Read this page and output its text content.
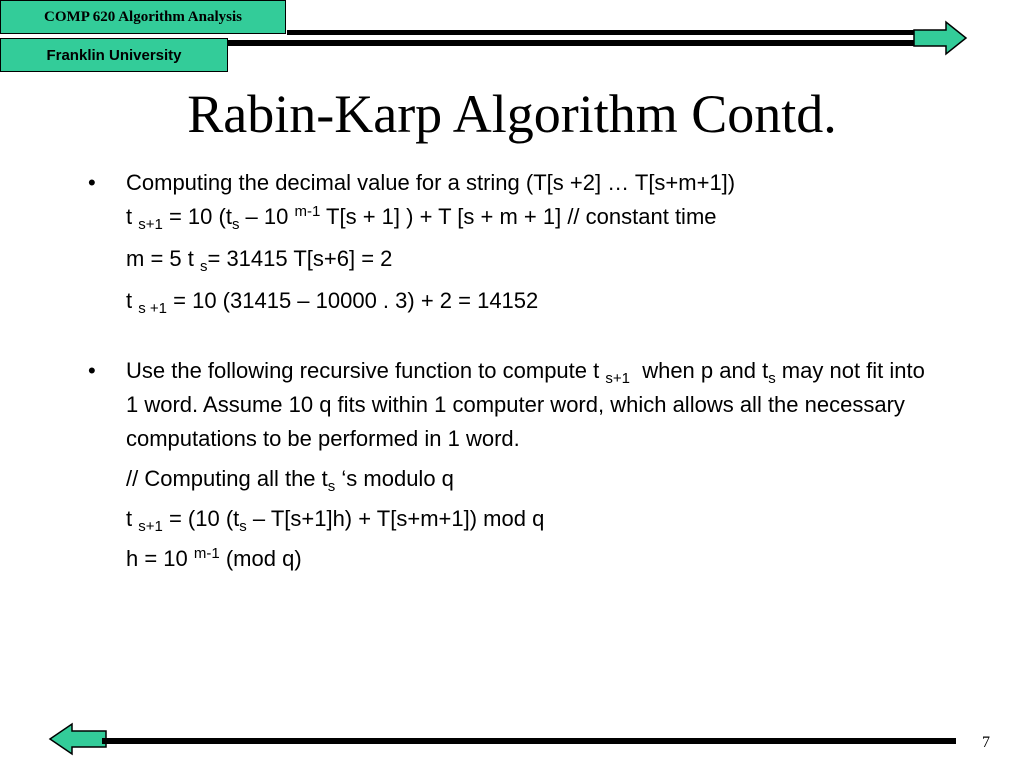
COMP 620 Algorithm Analysis
Franklin University
Rabin-Karp Algorithm Contd.
•	Computing the decimal value for a string (T[s +2] … T[s+m+1])
t $_{s+1}$ = 10 ($t_s - 10$ $^{m-1}$ T[s + 1] ) + T [s + m + 1] // constant time
m = 5 t $_s$= 31415 T[s+6] = 2
t $_{s +1}$ = 10 (31415 – 10000 . 3) + 2 = 14152
•	Use the following recursive function to compute t $_{s+1}$  when p and $t_s$ may not fit into 1 word. Assume 10 q fits within 1 computer word, which allows all the necessary computations to be performed in 1 word.
// Computing all the $t_s$ ‘s modulo q
t $_{s+1}$ = (10 $(t_s - T[s+1]h) + T[s+m+1]$) mod q
h = 10 $^{m-1}$ (mod q)
7
